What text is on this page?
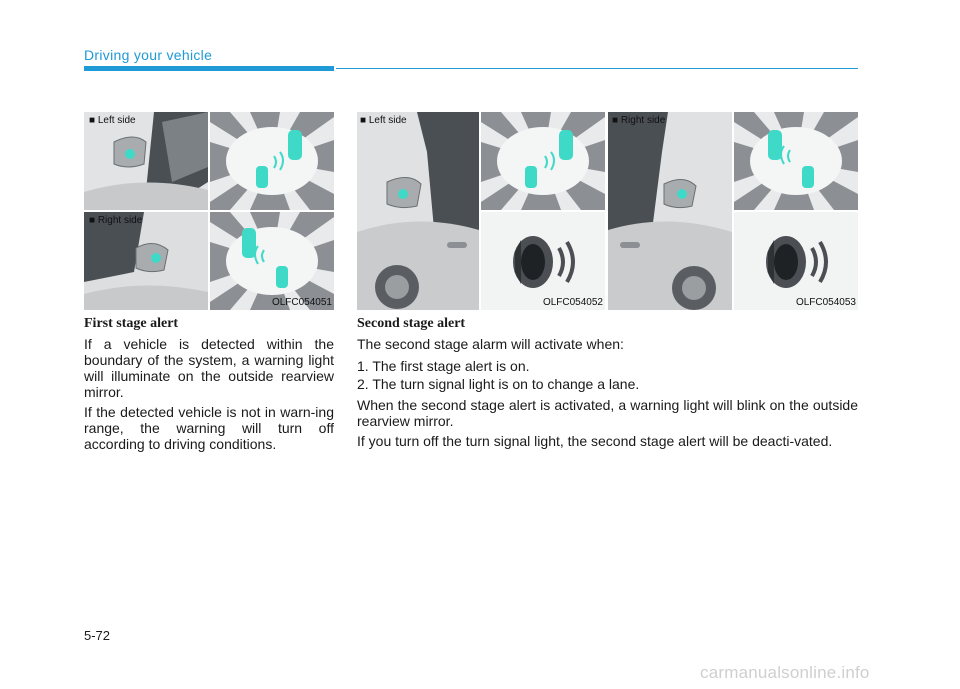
Driving your vehicle
■ Left side
■ Right side
OLFC054051
■ Left side
OLFC054052
■ Right side
OLFC054053
First stage alert
If a vehicle is detected within the boundary of the system, a warning light will illuminate on the outside rearview mirror.
If the detected vehicle is not in warn-ing range, the warning will turn off according to driving conditions.
Second stage alert
The second stage alarm will activate when:
1. The first stage alert is on.
2. The turn signal light is on to change a lane.
When the second stage alert is activated, a warning light will blink on the outside rearview mirror.
If you turn off the turn signal light, the second stage alert will be deacti-vated.
5-72
carmanualsonline.info
